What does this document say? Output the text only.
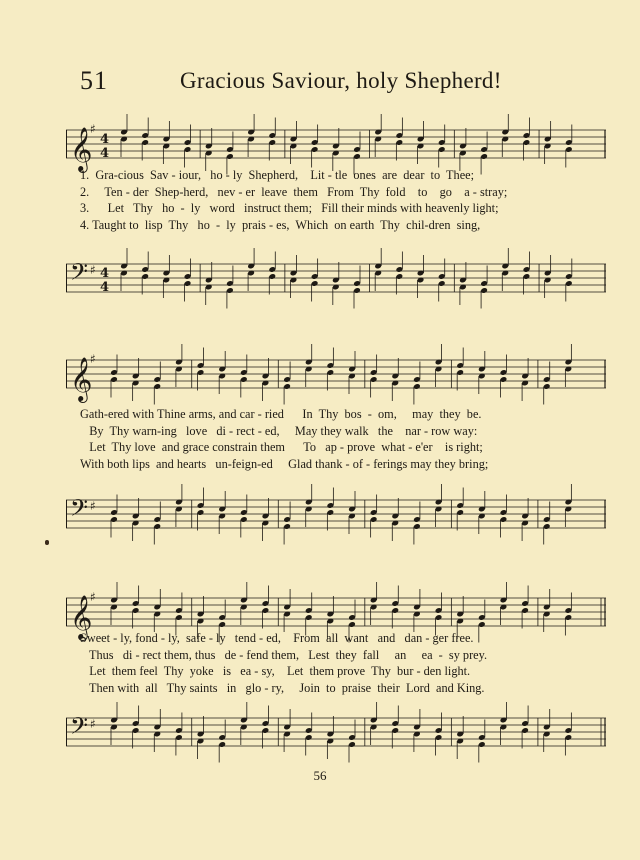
51	Gracious Saviour, holy Shepherd!
𝄞
♯
4
4
1.  Gra-cious  Sav - iour,   ho - ly  Shepherd,    Lit - tle  ones  are  dear  to  Thee;
2.     Ten - der  Shep-herd,   nev - er  leave  them   From  Thy  fold    to    go    a - stray;
3.      Let   Thy   ho  -  ly   word   instruct them;   Fill their minds with heavenly light;
4. Taught to  lisp  Thy   ho  -  ly  prais - es,  Which  on earth  Thy  chil-dren  sing,
𝄢 ♯ 4
4
𝄞
♯
Gath-ered with Thine arms, and car - ried      In  Thy  bos  -  om,     may  they  be.
By  Thy warn-ing   love   di - rect - ed,     May they walk   the    nar - row way:
Let  Thy love  and grace constrain them      To   ap - prove  what - e'er    is right;
With both lips  and hearts   un-feign-ed     Glad thank - of - ferings may they bring;
𝄢 ♯
𝄞
♯
Sweet - ly, fond - ly,  safe - ly   tend - ed,    From  all  want   and   dan - ger free.
Thus   di - rect them, thus   de - fend them,   Lest  they  fall     an     ea  -  sy prey.
Let  them feel  Thy  yoke   is   ea - sy,    Let  them prove  Thy  bur - den light.
Then with  all   Thy saints   in   glo - ry,     Join  to  praise  their  Lord  and King.
𝄢 ♯
56
